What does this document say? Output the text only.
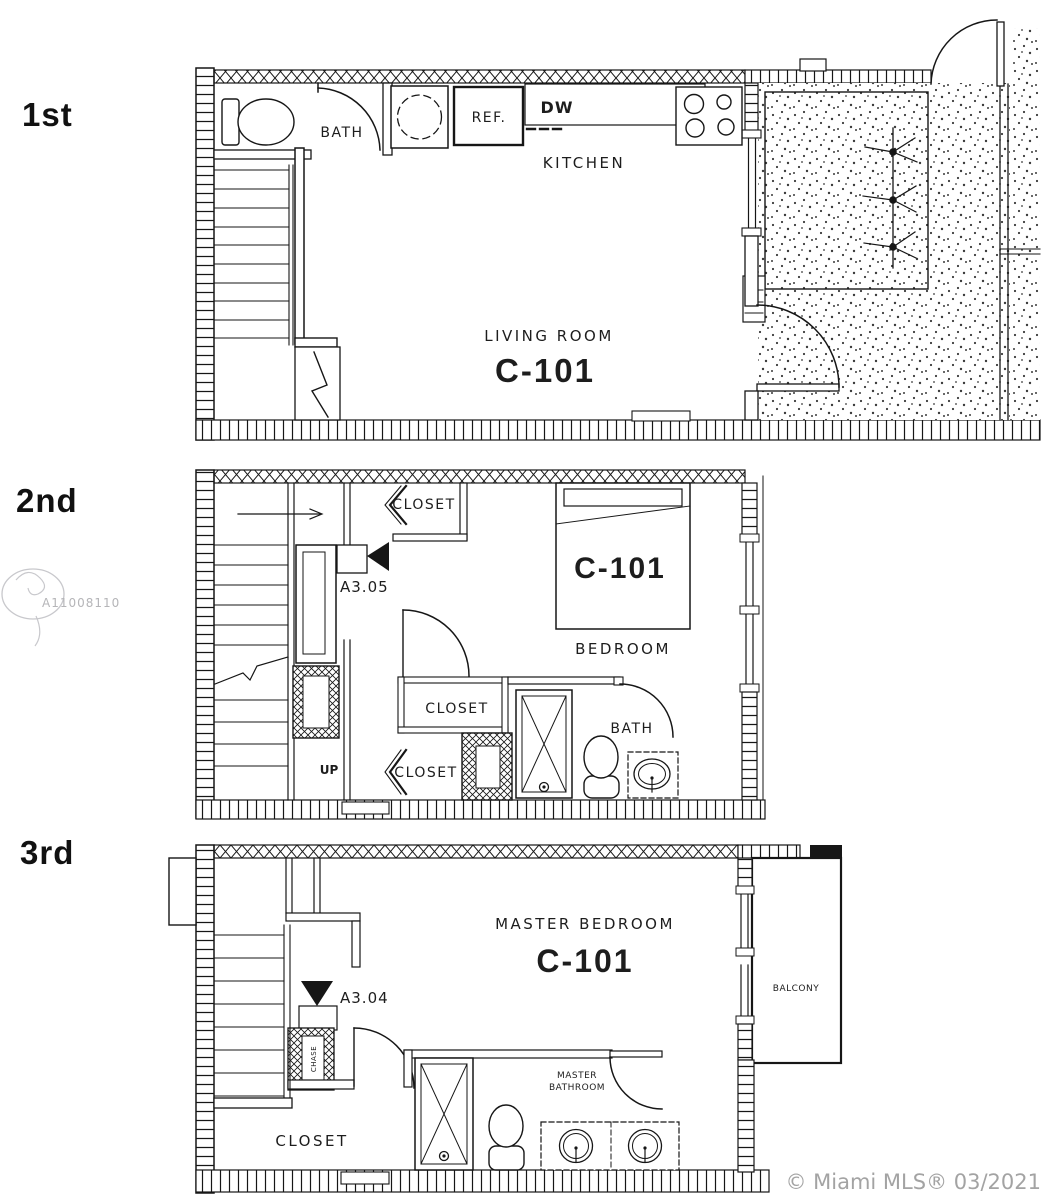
1st
2nd
3rd
BATH
REF.
DW
KITCHEN
LIVING ROOM
C-101
A3.05
CLOSET
C-101
BEDROOM
CLOSET
UP	CLOSET
BATH
BALCONY
A3.04
CHASE
MASTER BEDROOM
C-101
CLOSET
MASTER
BATHROOM
A11008110
© Miami MLS® 03/2021
